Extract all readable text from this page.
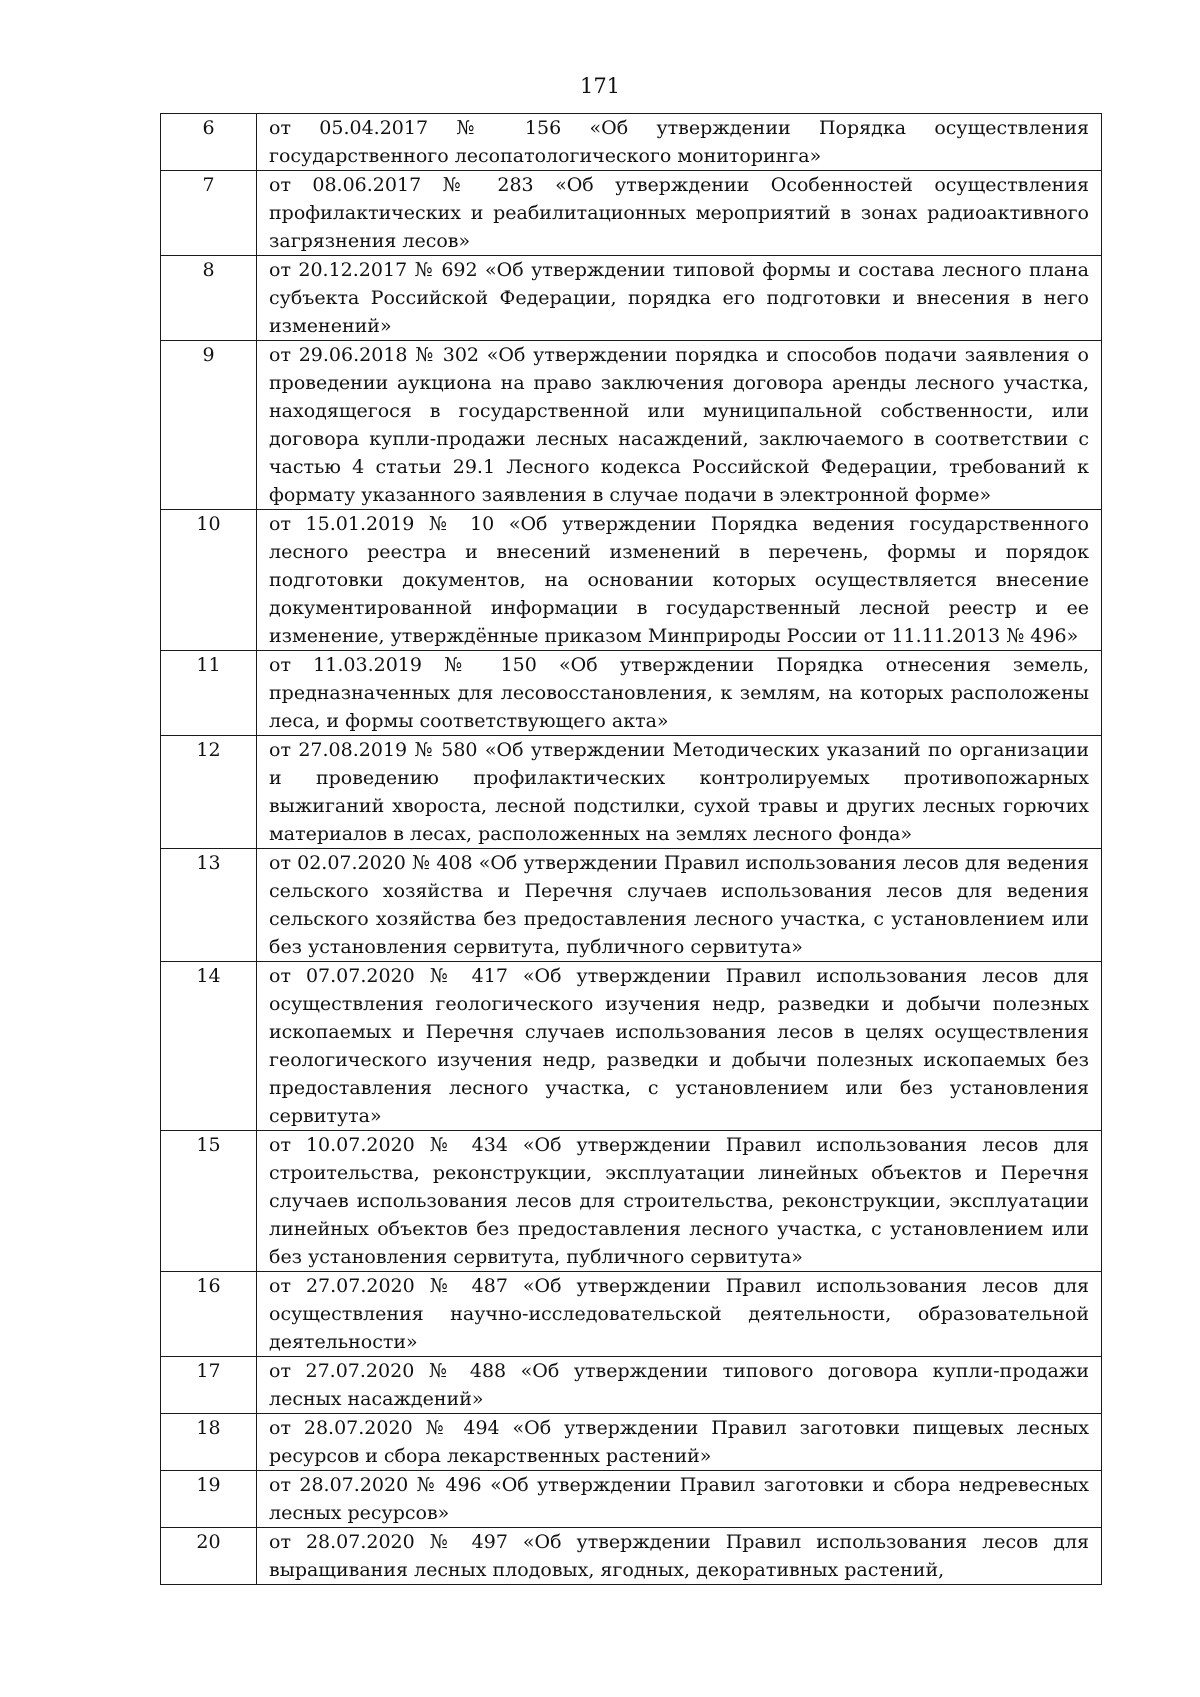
171
6	от 05.04.2017 № 156 «Об утверждении Порядка осуществления государственного лесопатологического мониторинга»
7	от 08.06.2017 № 283 «Об утверждении Особенностей осуществления профилактических и реабилитационных мероприятий в зонах радиоактивного загрязнения лесов»
8	от 20.12.2017 № 692 «Об утверждении типовой формы и состава лесного плана субъекта Российской Федерации, порядка его подготовки и внесения в него изменений»
9	от 29.06.2018 № 302 «Об утверждении порядка и способов подачи заявления о проведении аукциона на право заключения договора аренды лесного участка, находящегося в государственной или муниципальной собственности, или договора купли-продажи лесных насаждений, заключаемого в соответствии с частью 4 статьи 29.1 Лесного кодекса Российской Федерации, требований к формату указанного заявления в случае подачи в электронной форме»
10	от 15.01.2019 № 10 «Об утверждении Порядка ведения государственного лесного реестра и внесений изменений в перечень, формы и порядок подготовки документов, на основании которых осуществляется внесение документированной информации в государственный лесной реестр и ее изменение, утверждённые приказом Минприроды России от 11.11.2013 № 496»
11	от 11.03.2019 № 150 «Об утверждении Порядка отнесения земель, предназначенных для лесовосстановления, к землям, на которых расположены леса, и формы соответствующего акта»
12	от 27.08.2019 № 580 «Об утверждении Методических указаний по организации и проведению профилактических контролируемых противопожарных выжиганий хвороста, лесной подстилки, сухой травы и других лесных горючих материалов в лесах, расположенных на землях лесного фонда»
13	от 02.07.2020 № 408 «Об утверждении Правил использования лесов для ведения сельского хозяйства и Перечня случаев использования лесов для ведения сельского хозяйства без предоставления лесного участка, с установлением или без установления сервитута, публичного сервитута»
14	от 07.07.2020 № 417 «Об утверждении Правил использования лесов для осуществления геологического изучения недр, разведки и добычи полезных ископаемых и Перечня случаев использования лесов в целях осуществления геологического изучения недр, разведки и добычи полезных ископаемых без предоставления лесного участка, с установлением или без установления сервитута»
15	от 10.07.2020 № 434 «Об утверждении Правил использования лесов для строительства, реконструкции, эксплуатации линейных объектов и Перечня случаев использования лесов для строительства, реконструкции, эксплуатации линейных объектов без предоставления лесного участка, с установлением или без установления сервитута, публичного сервитута»
16	от 27.07.2020 № 487 «Об утверждении Правил использования лесов для осуществления научно-исследовательской деятельности, образовательной деятельности»
17	от 27.07.2020 № 488 «Об утверждении типового договора купли-продажи лесных насаждений»
18	от 28.07.2020 № 494 «Об утверждении Правил заготовки пищевых лесных ресурсов и сбора лекарственных растений»
19	от 28.07.2020 № 496 «Об утверждении Правил заготовки и сбора недревесных лесных ресурсов»
20	от 28.07.2020 № 497 «Об утверждении Правил использования лесов для выращивания лесных плодовых, ягодных, декоративных растений,
